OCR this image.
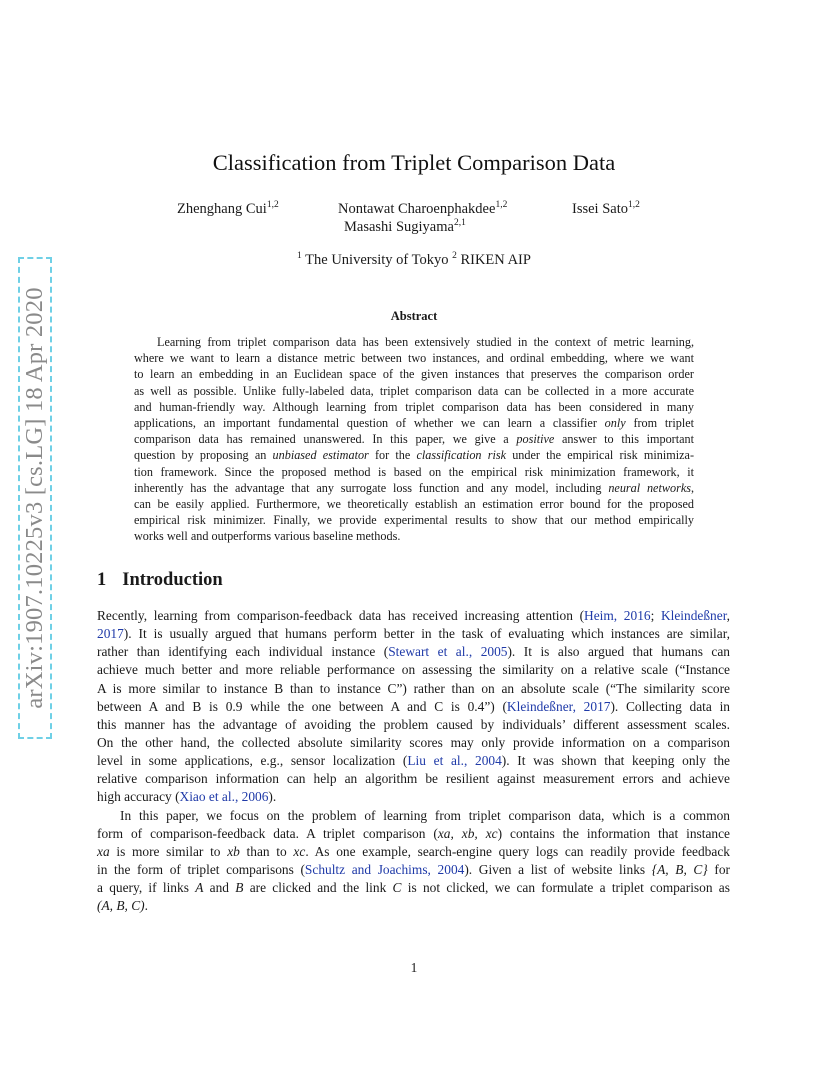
arXiv:1907.10225v3 [cs.LG] 18 Apr 2020
Classification from Triplet Comparison Data
Zhenghang Cui$^{1,2}$	Nontawat Charoenphakdee$^{1,2}$	Issei Sato$^{1,2}$
Masashi Sugiyama$^{2,1}$
$^1$ The University of Tokyo $^2$ RIKEN AIP
Abstract
Learning from triplet comparison data has been extensively studied in the context of metric learning,
where we want to learn a distance metric between two instances, and ordinal embedding, where we want
to learn an embedding in an Euclidean space of the given instances that preserves the comparison order
as well as possible. Unlike fully-labeled data, triplet comparison data can be collected in a more accurate
and human-friendly way. Although learning from triplet comparison data has been considered in many
applications, an important fundamental question of whether we can learn a classifier only from triplet
comparison data has remained unanswered. In this paper, we give a positive answer to this important
question by proposing an unbiased estimator for the classification risk under the empirical risk minimiza-
tion framework. Since the proposed method is based on the empirical risk minimization framework, it
inherently has the advantage that any surrogate loss function and any model, including neural networks,
can be easily applied. Furthermore, we theoretically establish an estimation error bound for the proposed
empirical risk minimizer. Finally, we provide experimental results to show that our method empirically
works well and outperforms various baseline methods.
1 Introduction
Recently, learning from comparison-feedback data has received increasing attention (Heim, 2016; Kleindeßner,
2017). It is usually argued that humans perform better in the task of evaluating which instances are similar,
rather than identifying each individual instance (Stewart et al., 2005). It is also argued that humans can
achieve much better and more reliable performance on assessing the similarity on a relative scale (“Instance
A is more similar to instance B than to instance C”) rather than on an absolute scale (“The similarity score
between A and B is 0.9 while the one between A and C is 0.4”) (Kleindeßner, 2017). Collecting data in
this manner has the advantage of avoiding the problem caused by individuals’ different assessment scales.
On the other hand, the collected absolute similarity scores may only provide information on a comparison
level in some applications, e.g., sensor localization (Liu et al., 2004). It was shown that keeping only the
relative comparison information can help an algorithm be resilient against measurement errors and achieve
high accuracy (Xiao et al., 2006).
In this paper, we focus on the problem of learning from triplet comparison data, which is a common
form of comparison-feedback data. A triplet comparison (xa, xb, xc) contains the information that instance
xa is more similar to xb than to xc. As one example, search-engine query logs can readily provide feedback
in the form of triplet comparisons (Schultz and Joachims, 2004). Given a list of website links {A, B, C} for
a query, if links A and B are clicked and the link C is not clicked, we can formulate a triplet comparison as
(A, B, C).
1
